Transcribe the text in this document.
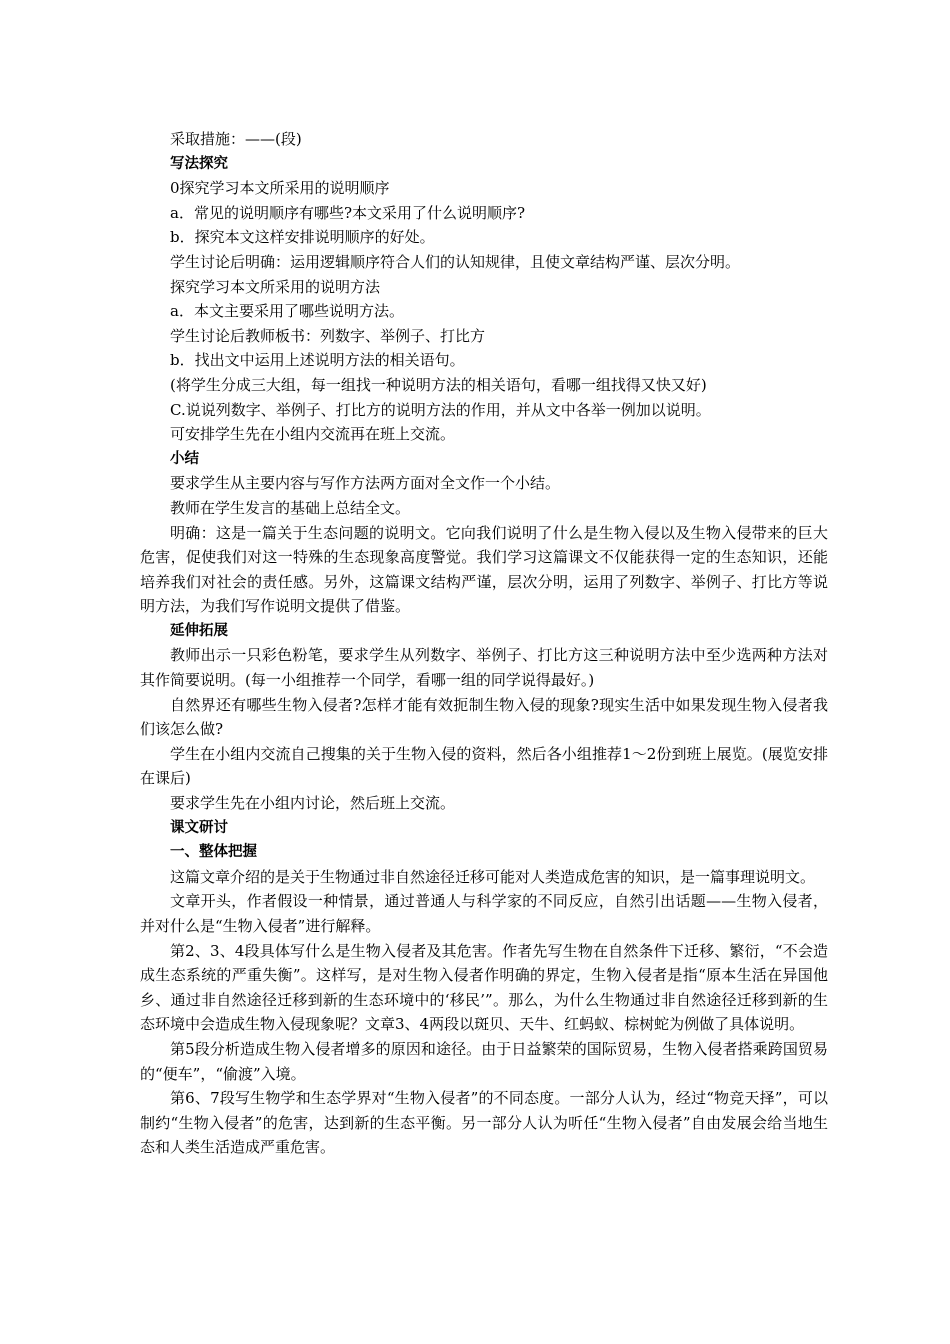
采取措施：——(段)

写法探究

0探究学习本文所采用的说明顺序

a．常见的说明顺序有哪些?本文采用了什么说明顺序?

b．探究本文这样安排说明顺序的好处。

学生讨论后明确：运用逻辑顺序符合人们的认知规律，且使文章结构严谨、层次分明。

探究学习本文所采用的说明方法

a．本文主要采用了哪些说明方法。

学生讨论后教师板书：列数字、举例子、打比方

b．找出文中运用上述说明方法的相关语句。

(将学生分成三大组，每一组找一种说明方法的相关语句，看哪一组找得又快又好)

C.说说列数字、举例子、打比方的说明方法的作用，并从文中各举一例加以说明。

可安排学生先在小组内交流再在班上交流。

小结

要求学生从主要内容与写作方法两方面对全文作一个小结。

教师在学生发言的基础上总结全文。

明确：这是一篇关于生态问题的说明文。它向我们说明了什么是生物入侵以及生物入侵带来的巨大危害，促使我们对这一特殊的生态现象高度警觉。我们学习这篇课文不仅能获得一定的生态知识，还能培养我们对社会的责任感。另外，这篇课文结构严谨，层次分明，运用了列数字、举例子、打比方等说明方法，为我们写作说明文提供了借鉴。

延伸拓展

教师出示一只彩色粉笔，要求学生从列数字、举例子、打比方这三种说明方法中至少选两种方法对其作简要说明。(每一小组推荐一个同学，看哪一组的同学说得最好。)

自然界还有哪些生物入侵者?怎样才能有效扼制生物入侵的现象?现实生活中如果发现生物入侵者我们该怎么做?

学生在小组内交流自己搜集的关于生物入侵的资料，然后各小组推荐1～2份到班上展览。(展览安排在课后)

要求学生先在小组内讨论，然后班上交流。

课文研讨

一、整体把握

这篇文章介绍的是关于生物通过非自然途径迁移可能对人类造成危害的知识，是一篇事理说明文。

文章开头，作者假设一种情景，通过普通人与科学家的不同反应，自然引出话题——生物入侵者，并对什么是“生物入侵者”进行解释。

第2、3、4段具体写什么是生物入侵者及其危害。作者先写生物在自然条件下迁移、繁衍，“不会造成生态系统的严重失衡”。这样写，是对生物入侵者作明确的界定，生物入侵者是指“原本生活在异国他乡、通过非自然途径迁移到新的生态环境中的‘移民’”。那么，为什么生物通过非自然途径迁移到新的生态环境中会造成生物入侵现象呢？文章3、4两段以斑贝、天牛、红蚂蚁、棕树蛇为例做了具体说明。

第5段分析造成生物入侵者增多的原因和途径。由于日益繁荣的国际贸易，生物入侵者搭乘跨国贸易的“便车”，“偷渡”入境。

第6、7段写生物学和生态学界对“生物入侵者”的不同态度。一部分人认为，经过“物竞天择”，可以制约“生物入侵者”的危害，达到新的生态平衡。另一部分人认为听任“生物入侵者”自由发展会给当地生态和人类生活造成严重危害。
